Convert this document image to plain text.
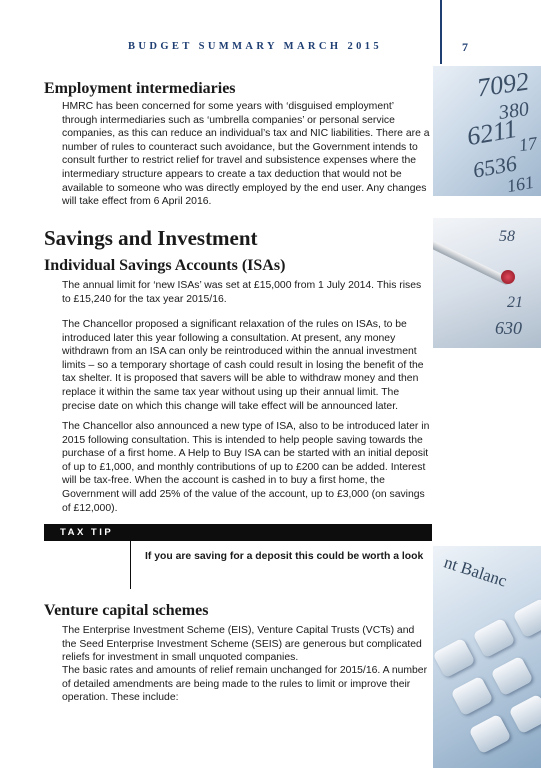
BUDGET SUMMARY MARCH 2015	7
7092
380
6211
17
6536
161
58
21
630
nt Balanc
Employment intermediaries

HMRC has been concerned for some years with ‘disguised employment’ through intermediaries such as ‘umbrella companies’ or personal service companies, as this can reduce an individual’s tax and NIC liabilities. There are a number of rules to counteract such avoidance, but the Government intends to consult further to restrict relief for travel and subsistence expenses where the intermediary structure appears to create a tax deduction that would not be available to someone who was directly employed by the end user. Any changes will take effect from 6 April 2016.

Savings and Investment
Individual Savings Accounts (ISAs)

The annual limit for ‘new ISAs’ was set at £15,000 from 1 July 2014. This rises to £15,240 for the tax year 2015/16.

The Chancellor proposed a significant relaxation of the rules on ISAs, to be introduced later this year following a consultation. At present, any money withdrawn from an ISA can only be reintroduced within the annual investment limits – so a temporary shortage of cash could result in losing the benefit of the tax shelter. It is proposed that savers will be able to withdraw money and then replace it within the same tax year without using up their annual limit. The precise date on which this change will take effect will be announced later.

The Chancellor also announced a new type of ISA, also to be introduced later in 2015 following consultation. This is intended to help people saving towards the purchase of a first home. A Help to Buy ISA can be started with an initial deposit of up to £1,000, and monthly contributions of up to £200 can be added. Interest will be tax-free. When the account is cashed in to buy a first home, the Government will add 25% of the value of the account, up to £3,000 (on savings of £12,000).

TAX TIP
If you are saving for a deposit this could be worth a look
Venture capital schemes

The Enterprise Investment Scheme (EIS), Venture Capital Trusts (VCTs) and the Seed Enterprise Investment Scheme (SEIS) are generous but complicated reliefs for investment in small unquoted companies.

The basic rates and amounts of relief remain unchanged for 2015/16. A number of detailed amendments are being made to the rules to limit or improve their operation. These include:
